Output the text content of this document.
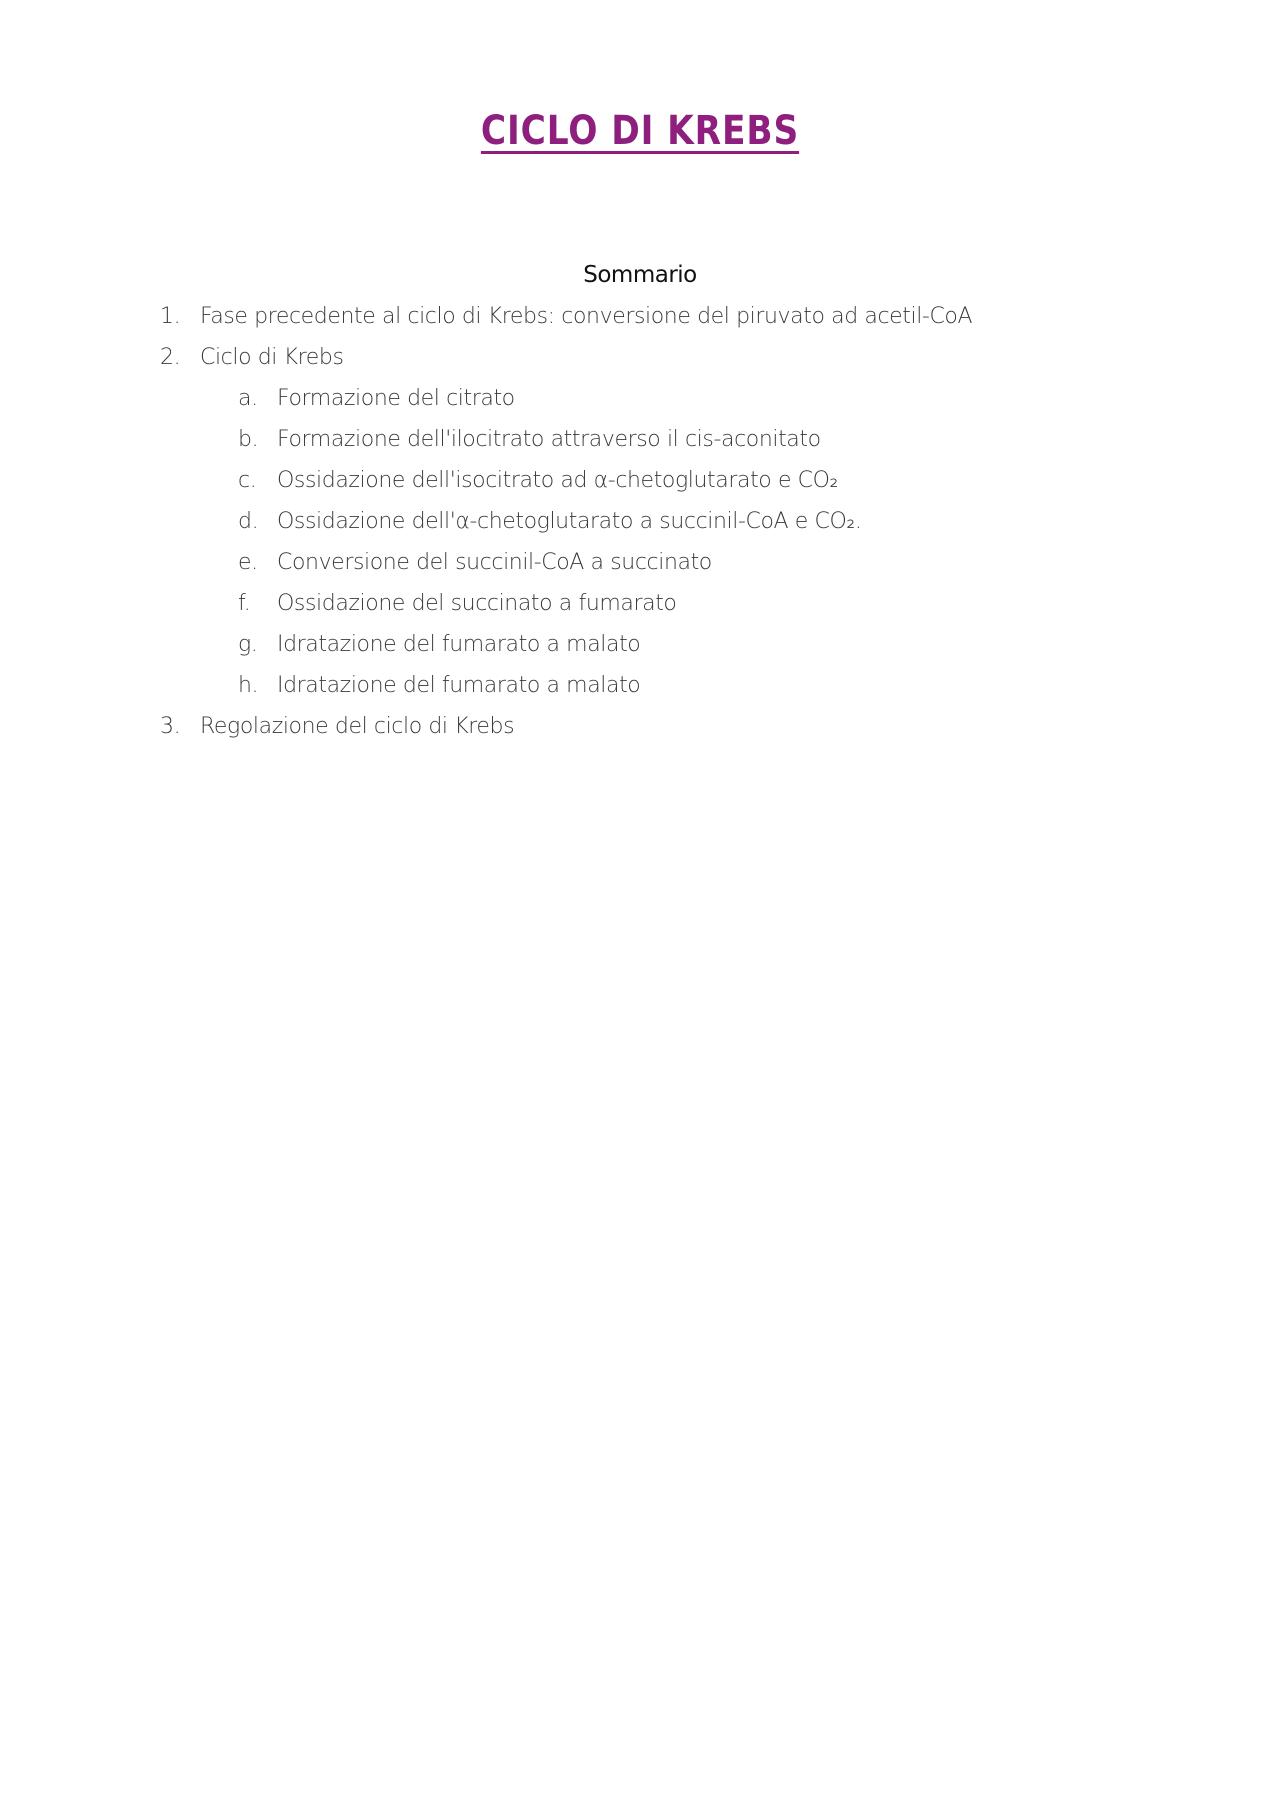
CICLO DI KREBS
Sommario
1. Fase precedente al ciclo di Krebs: conversione del piruvato ad acetil-CoA
2. Ciclo di Krebs
a. Formazione del citrato
b. Formazione dell'ilocitrato attraverso il cis-aconitato
c. Ossidazione dell'isocitrato ad α-chetoglutarato e CO₂
d. Ossidazione dell'α-chetoglutarato a succinil-CoA e CO₂.
e. Conversione del succinil-CoA a succinato
f. Ossidazione del succinato a fumarato
g. Idratazione del fumarato a malato
h. Idratazione del fumarato a malato
3. Regolazione del ciclo di Krebs
